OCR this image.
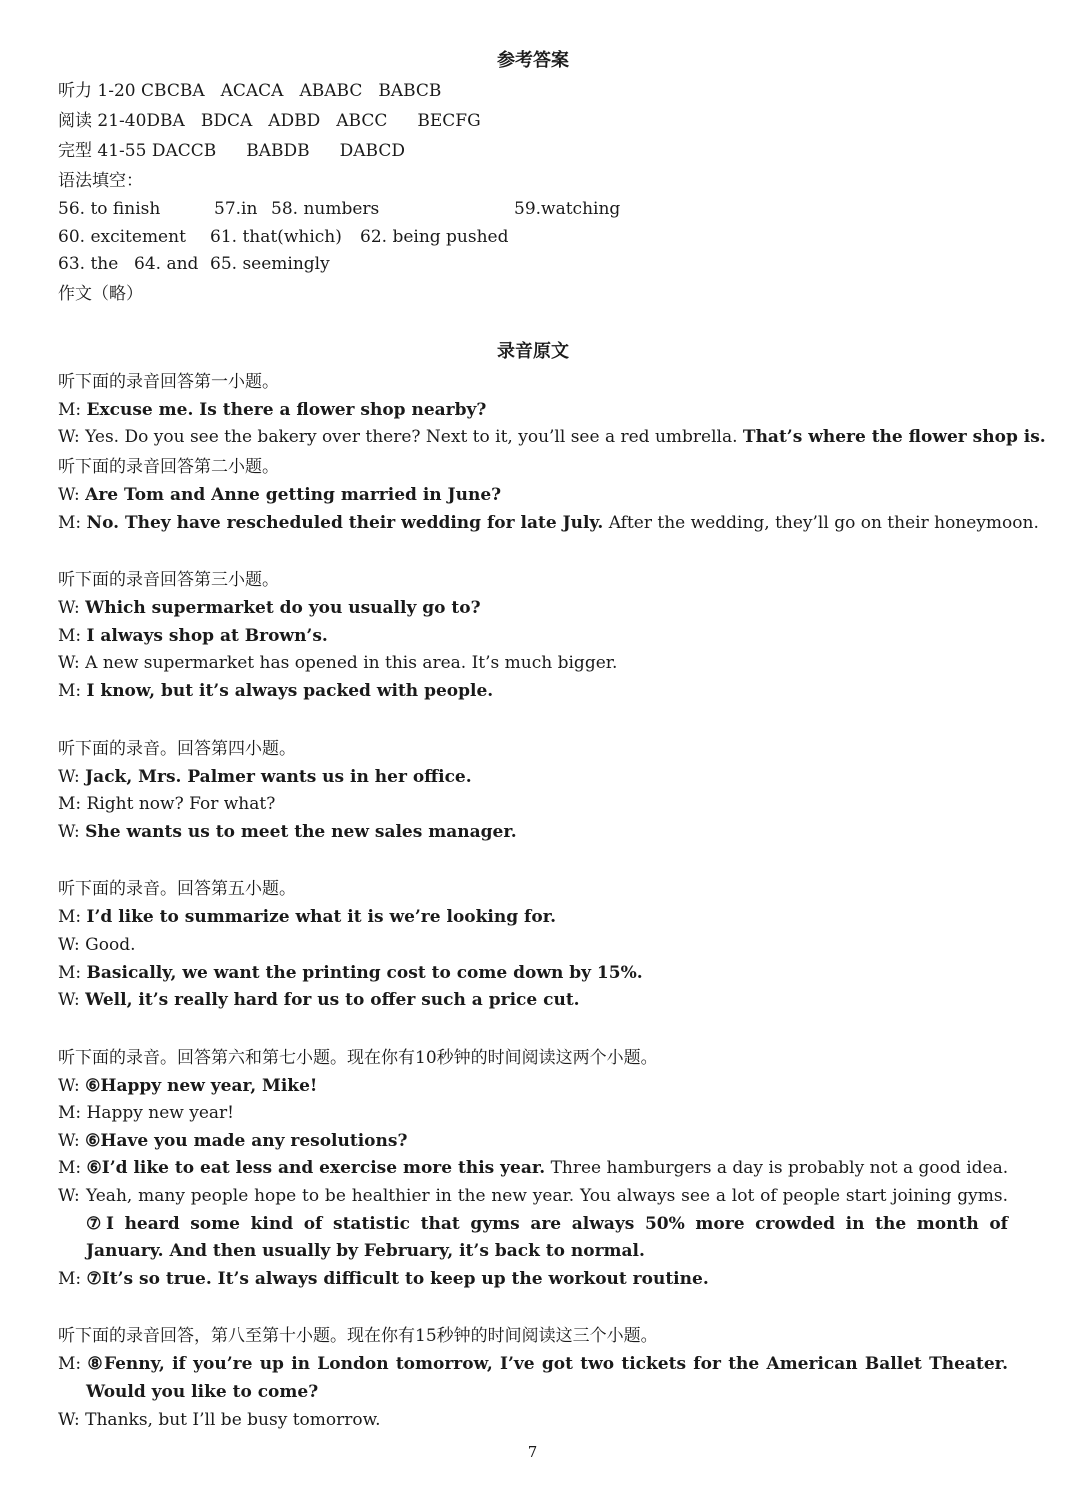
参考答案
听力 1-20 CBCBA ACACA ABABC BABCB
阅读 21-40DBA BDCA ADBD ABCC BECFG
完型 41-55 DACCB BABDB DABCD
语法填空：
56. to finish	57.in 58. numbers	59.watching
60. excitement 61. that(which) 62. being pushed
63. the 64. and 65. seemingly
作文（略）
录音原文
听下面的录音回答第一小题。
M: Excuse me. Is there a flower shop nearby?
W: Yes. Do you see the bakery over there? Next to it, you’ll see a red umbrella. That’s where the flower shop is.
听下面的录音回答第二小题。
W: Are Tom and Anne getting married in June?
M: No. They have rescheduled their wedding for late July. After the wedding, they’ll go on their honeymoon.
听下面的录音回答第三小题。
W: Which supermarket do you usually go to?
M: I always shop at Brown’s.
W: A new supermarket has opened in this area. It’s much bigger.
M: I know, but it’s always packed with people.
听下面的录音。回答第四小题。
W: Jack, Mrs. Palmer wants us in her office.
M: Right now? For what?
W: She wants us to meet the new sales manager.
听下面的录音。回答第五小题。
M: I’d like to summarize what it is we’re looking for.
W: Good.
M: Basically, we want the printing cost to come down by 15%.
W: Well, it’s really hard for us to offer such a price cut.
听下面的录音。回答第六和第七小题。现在你有10秒钟的时间阅读这两个小题。
W: ⑥Happy new year, Mike!
M: Happy new year!
W: ⑥Have you made any resolutions?
M: ⑥I’d like to eat less and exercise more this year. Three hamburgers a day is probably not a good idea.
W: Yeah, many people hope to be healthier in the new year. You always see a lot of people start joining gyms. ⑦I heard some kind of statistic that gyms are always 50% more crowded in the month of January. And then usually by February, it’s back to normal.
M: ⑦It’s so true. It’s always difficult to keep up the workout routine.
听下面的录音回答，第八至第十小题。现在你有15秒钟的时间阅读这三个小题。
M: ⑧Fenny, if you’re up in London tomorrow, I’ve got two tickets for the American Ballet Theater. Would you like to come?
W: Thanks, but I’ll be busy tomorrow.
7
